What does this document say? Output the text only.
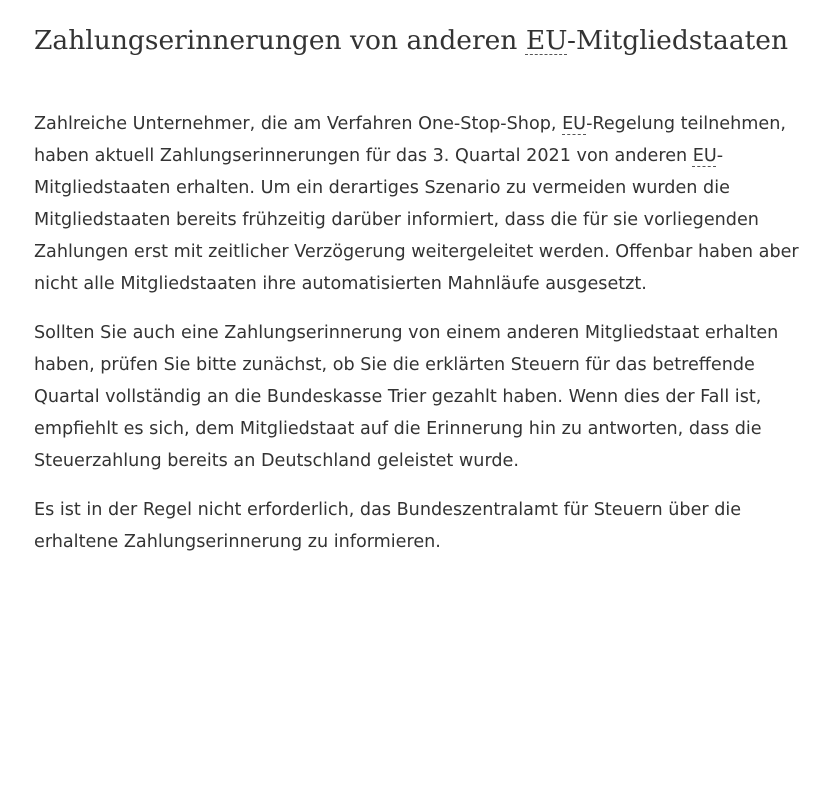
Zahlungserinnerungen von anderen EU-Mitgliedstaaten

Zahlreiche Unternehmer, die am Verfahren One-Stop-Shop, EU-Regelung teilnehmen, haben aktuell Zahlungserinnerungen für das 3. Quartal 2021 von anderen EU-Mitgliedstaaten erhalten. Um ein derartiges Szenario zu vermeiden wurden die Mitgliedstaaten bereits frühzeitig darüber informiert, dass die für sie vorliegenden Zahlungen erst mit zeitlicher Verzögerung weitergeleitet werden. Offenbar haben aber nicht alle Mitgliedstaaten ihre automatisierten Mahnläufe ausgesetzt.

Sollten Sie auch eine Zahlungserinnerung von einem anderen Mitgliedstaat erhalten haben, prüfen Sie bitte zunächst, ob Sie die erklärten Steuern für das betreffende Quartal vollständig an die Bundeskasse Trier gezahlt haben. Wenn dies der Fall ist, empfiehlt es sich, dem Mitgliedstaat auf die Erinnerung hin zu antworten, dass die Steuerzahlung bereits an Deutschland geleistet wurde.

Es ist in der Regel nicht erforderlich, das Bundeszentralamt für Steuern über die erhaltene Zahlungserinnerung zu informieren.
